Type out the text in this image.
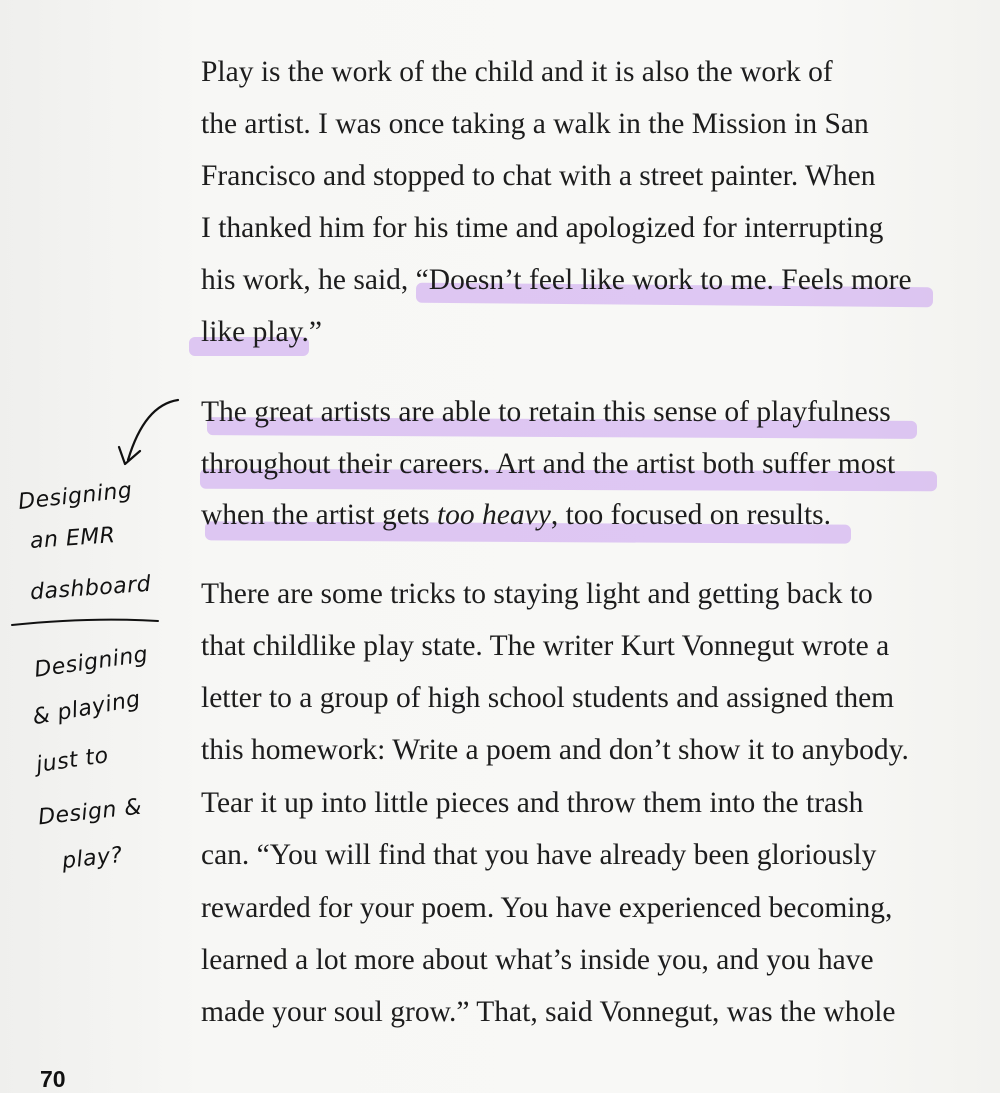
Play is the work of the child and it is also the work of

the artist. I was once taking a walk in the Mission in San

Francisco and stopped to chat with a street painter. When

I thanked him for his time and apologized for interrupting

his work, he said, “Doesn’t feel like work to me. Feels more

like play.”

The great artists are able to retain this sense of playfulness

throughout their careers. Art and the artist both suffer most

when the artist gets too heavy, too focused on results.

There are some tricks to staying light and getting back to

that childlike play state. The writer Kurt Vonnegut wrote a

letter to a group of high school students and assigned them

this homework: Write a poem and don’t show it to anybody.

Tear it up into little pieces and throw them into the trash

can. “You will find that you have already been gloriously

rewarded for your poem. You have experienced becoming,

learned a lot more about what’s inside you, and you have

made your soul grow.” That, said Vonnegut, was the whole

Designing
an EMR
dashboard
Designing
& playing
just to
Design &
play?
70
